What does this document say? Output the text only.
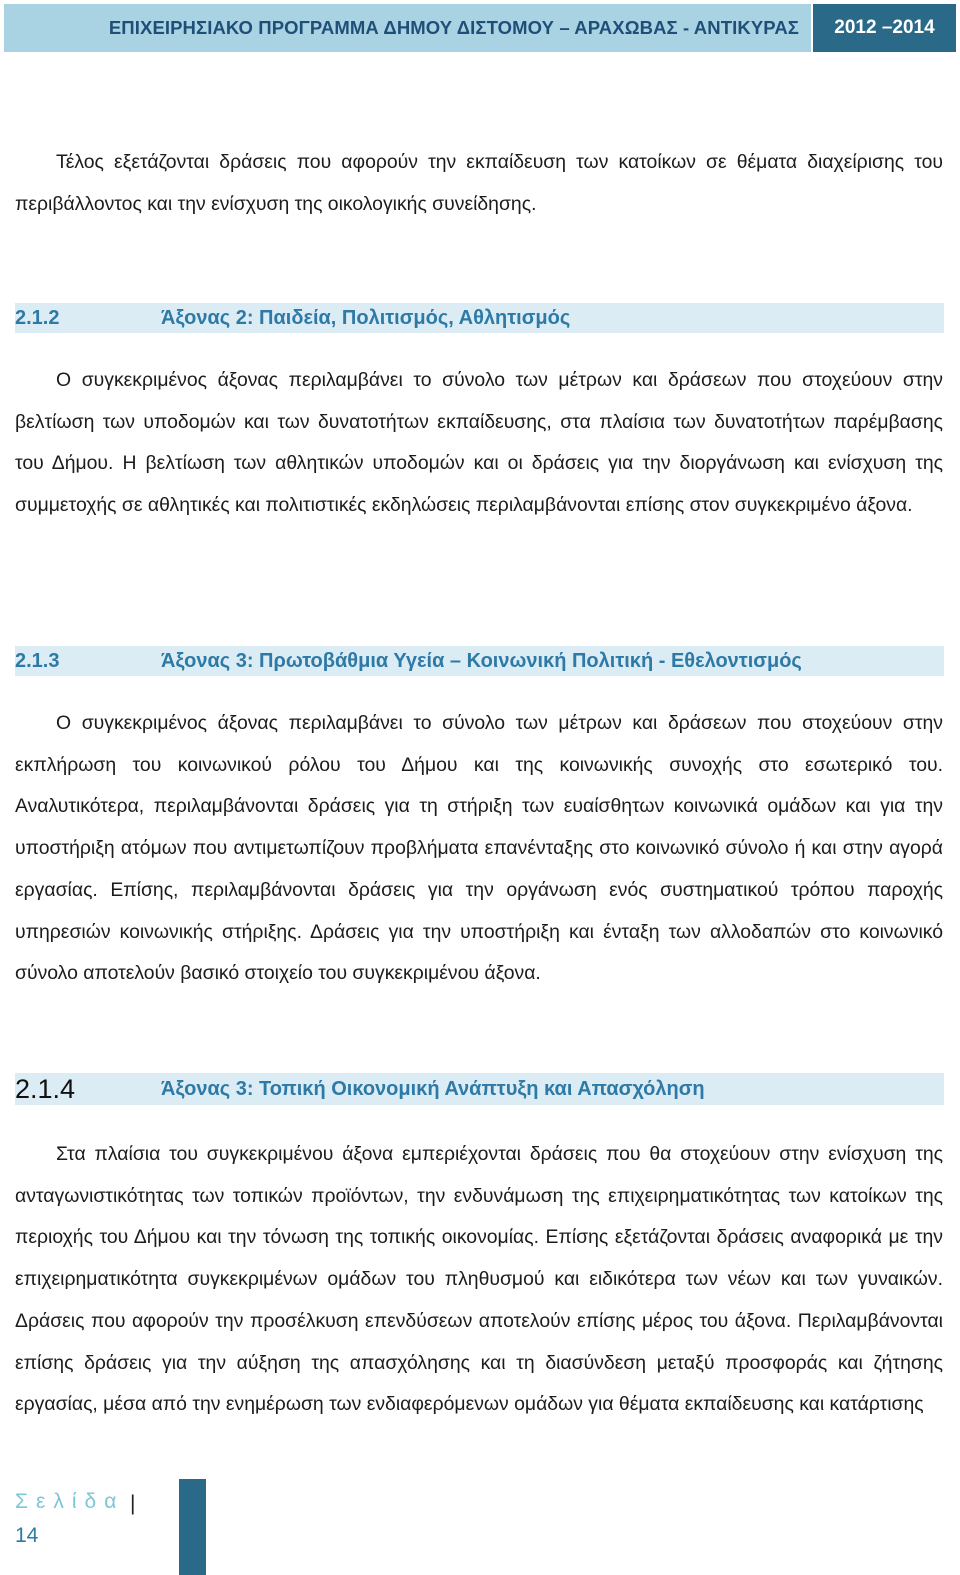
ΕΠΙΧΕΙΡΗΣΙΑΚΟ ΠΡΟΓΡΑΜΜΑ ΔΗΜΟΥ ΔΙΣΤΟΜΟΥ – ΑΡΑΧΩΒΑΣ - ΑΝΤΙΚΥΡΑΣ	2012 –2014

Τέλος εξετάζονται δράσεις που αφορούν την εκπαίδευση των κατοίκων σε θέματα διαχείρισης του περιβάλλοντος και την ενίσχυση της οικολογικής συνείδησης.

2.1.2	Άξονας 2: Παιδεία, Πολιτισμός, Αθλητισμός

Ο συγκεκριμένος άξονας περιλαμβάνει το σύνολο των μέτρων και δράσεων που στοχεύουν στην βελτίωση των υποδομών και των δυνατοτήτων εκπαίδευσης, στα πλαίσια των δυνατοτήτων παρέμβασης του Δήμου. Η βελτίωση των αθλητικών υποδομών και οι δράσεις για την διοργάνωση και ενίσχυση της συμμετοχής σε αθλητικές και πολιτιστικές εκδηλώσεις περιλαμβάνονται επίσης στον συγκεκριμένο άξονα.

2.1.3	Άξονας 3: Πρωτοβάθμια Υγεία – Κοινωνική Πολιτική - Εθελοντισμός

Ο συγκεκριμένος άξονας περιλαμβάνει το σύνολο των μέτρων και δράσεων που στοχεύουν στην εκπλήρωση του κοινωνικού ρόλου του Δήμου και της κοινωνικής συνοχής στο εσωτερικό του. Αναλυτικότερα, περιλαμβάνονται δράσεις για τη στήριξη των ευαίσθητων κοινωνικά ομάδων και για την υποστήριξη ατόμων που αντιμετωπίζουν προβλήματα επανένταξης στο κοινωνικό σύνολο ή και στην αγορά εργασίας. Επίσης, περιλαμβάνονται δράσεις για την οργάνωση ενός συστηματικού τρόπου παροχής υπηρεσιών κοινωνικής στήριξης. Δράσεις για την υποστήριξη και ένταξη των αλλοδαπών στο κοινωνικό σύνολο αποτελούν βασικό στοιχείο του συγκεκριμένου άξονα.

2.1.4	Άξονας 3: Τοπική Οικονομική Ανάπτυξη και Απασχόληση

Στα πλαίσια του συγκεκριμένου άξονα εμπεριέχονται δράσεις που θα στοχεύουν στην ενίσχυση της ανταγωνιστικότητας των τοπικών προϊόντων, την ενδυνάμωση της επιχειρηματικότητας των κατοίκων της περιοχής του Δήμου και την τόνωση της τοπικής οικονομίας. Επίσης εξετάζονται δράσεις αναφορικά με την επιχειρηματικότητα συγκεκριμένων ομάδων του πληθυσμού και ειδικότερα των νέων και των γυναικών. Δράσεις που αφορούν την προσέλκυση επενδύσεων αποτελούν επίσης μέρος του άξονα. Περιλαμβάνονται επίσης δράσεις για την αύξηση της απασχόλησης και τη διασύνδεση μεταξύ προσφοράς και ζήτησης εργασίας, μέσα από την ενημέρωση των ενδιαφερόμενων ομάδων για θέματα εκπαίδευσης και κατάρτισης

Σελίδα |
14
